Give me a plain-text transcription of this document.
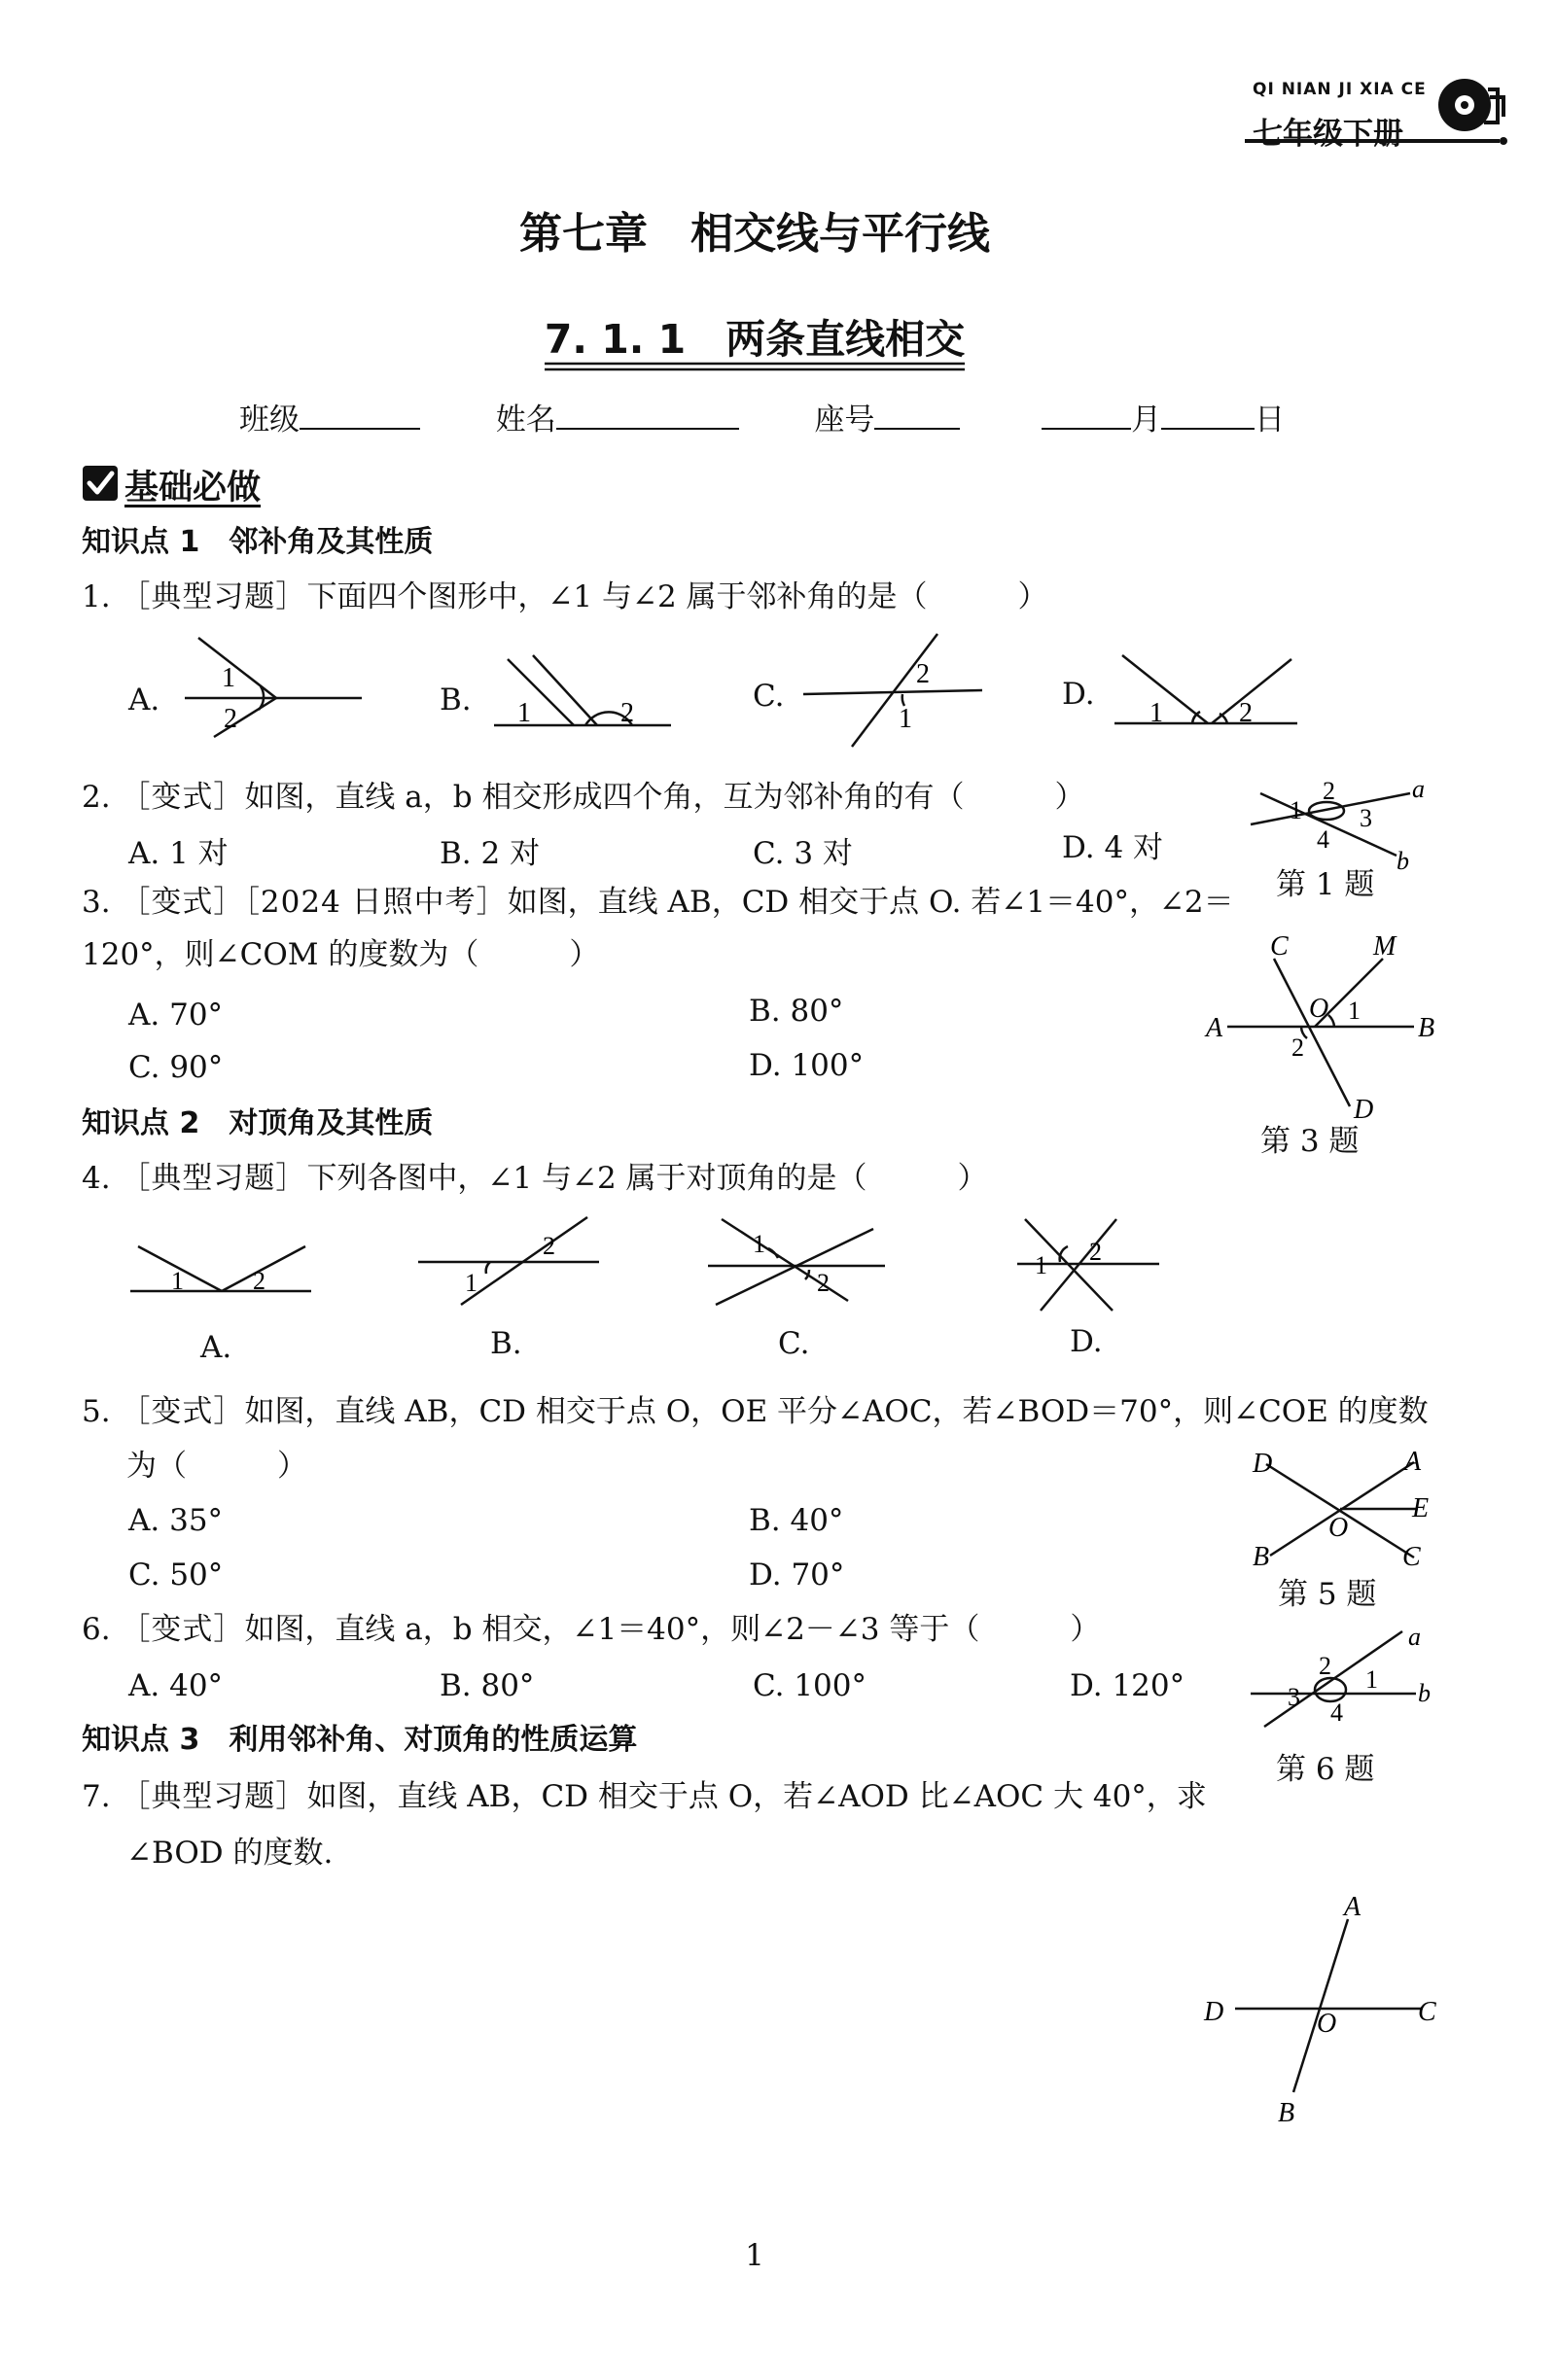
QI NIAN JI XIA CE
七年级下册
第七章　相交线与平行线
7. 1. 1　两条直线相交
班级	姓名	座号	月	日
基础必做
知识点 1　邻补角及其性质
1. ［典型习题］下面四个图形中，∠1 与∠2 属于邻补角的是（　　　）
A.	B.	C.	D.
1
2	1	2
2
1	1	2
2. ［变式］如图，直线 a，b 相交形成四个角，互为邻补角的有（　　　）
A. 1 对	B. 2 对	C. 3 对	D. 4 对
1
2
3
4
a
b
第 1 题
3. ［变式］［2024 日照中考］如图，直线 AB，CD 相交于点 O. 若∠1＝40°，∠2＝
120°，则∠COM 的度数为（　　　）
A. 70°	B. 80°
C. 90°	D. 100°
C	M
A	B
O 1
2
D
第 3 题
知识点 2　对顶角及其性质
4. ［典型习题］下列各图中，∠1 与∠2 属于对顶角的是（　　　）
1	2
A.
1
2
B.
1
2
C.
1 2
D.
5. ［变式］如图，直线 AB，CD 相交于点 O，OE 平分∠AOC，若∠BOD＝70°，则∠COE 的度数
为（　　　）
A. 35°	B. 40°
C. 50°	D. 70°
D	A
E
O
B	C
第 5 题
6. ［变式］如图，直线 a，b 相交，∠1＝40°，则∠2－∠3 等于（　　　）
A. 40°	B. 80°	C. 100°	D. 120°
a
b
2 1
3
4
第 6 题
知识点 3　利用邻补角、对顶角的性质运算
7. ［典型习题］如图，直线 AB，CD 相交于点 O，若∠AOD 比∠AOC 大 40°，求
∠BOD 的度数.
A
D	C
O
B
1
